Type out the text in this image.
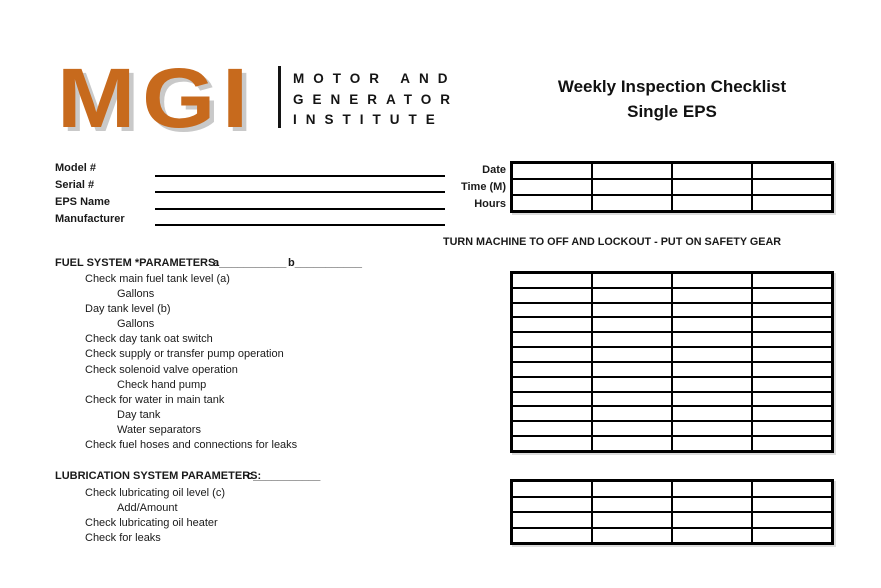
MGI	MOTOR AND
GENERATOR
INSTITUTE
Weekly Inspection Checklist
Single EPS
Model #
Serial #
EPS Name
Manufacturer
Date
Time (M)
Hours
TURN MACHINE TO OFF AND LOCKOUT - PUT ON SAFETY GEAR
FUEL SYSTEM *PARAMETERS:
a___________ b___________
Check main fuel tank level (a)
Gallons
Day tank level (b)
Gallons
Check day tank oat switch
Check supply or transfer pump operation
Check solenoid valve operation
Check hand pump
Check for water in main tank
Day tank
Water separators
Check fuel hoses and connections for leaks
LUBRICATION SYSTEM PARAMETERS:
c___________
Check lubricating oil level (c)
Add/Amount
Check lubricating oil heater
Check for leaks
